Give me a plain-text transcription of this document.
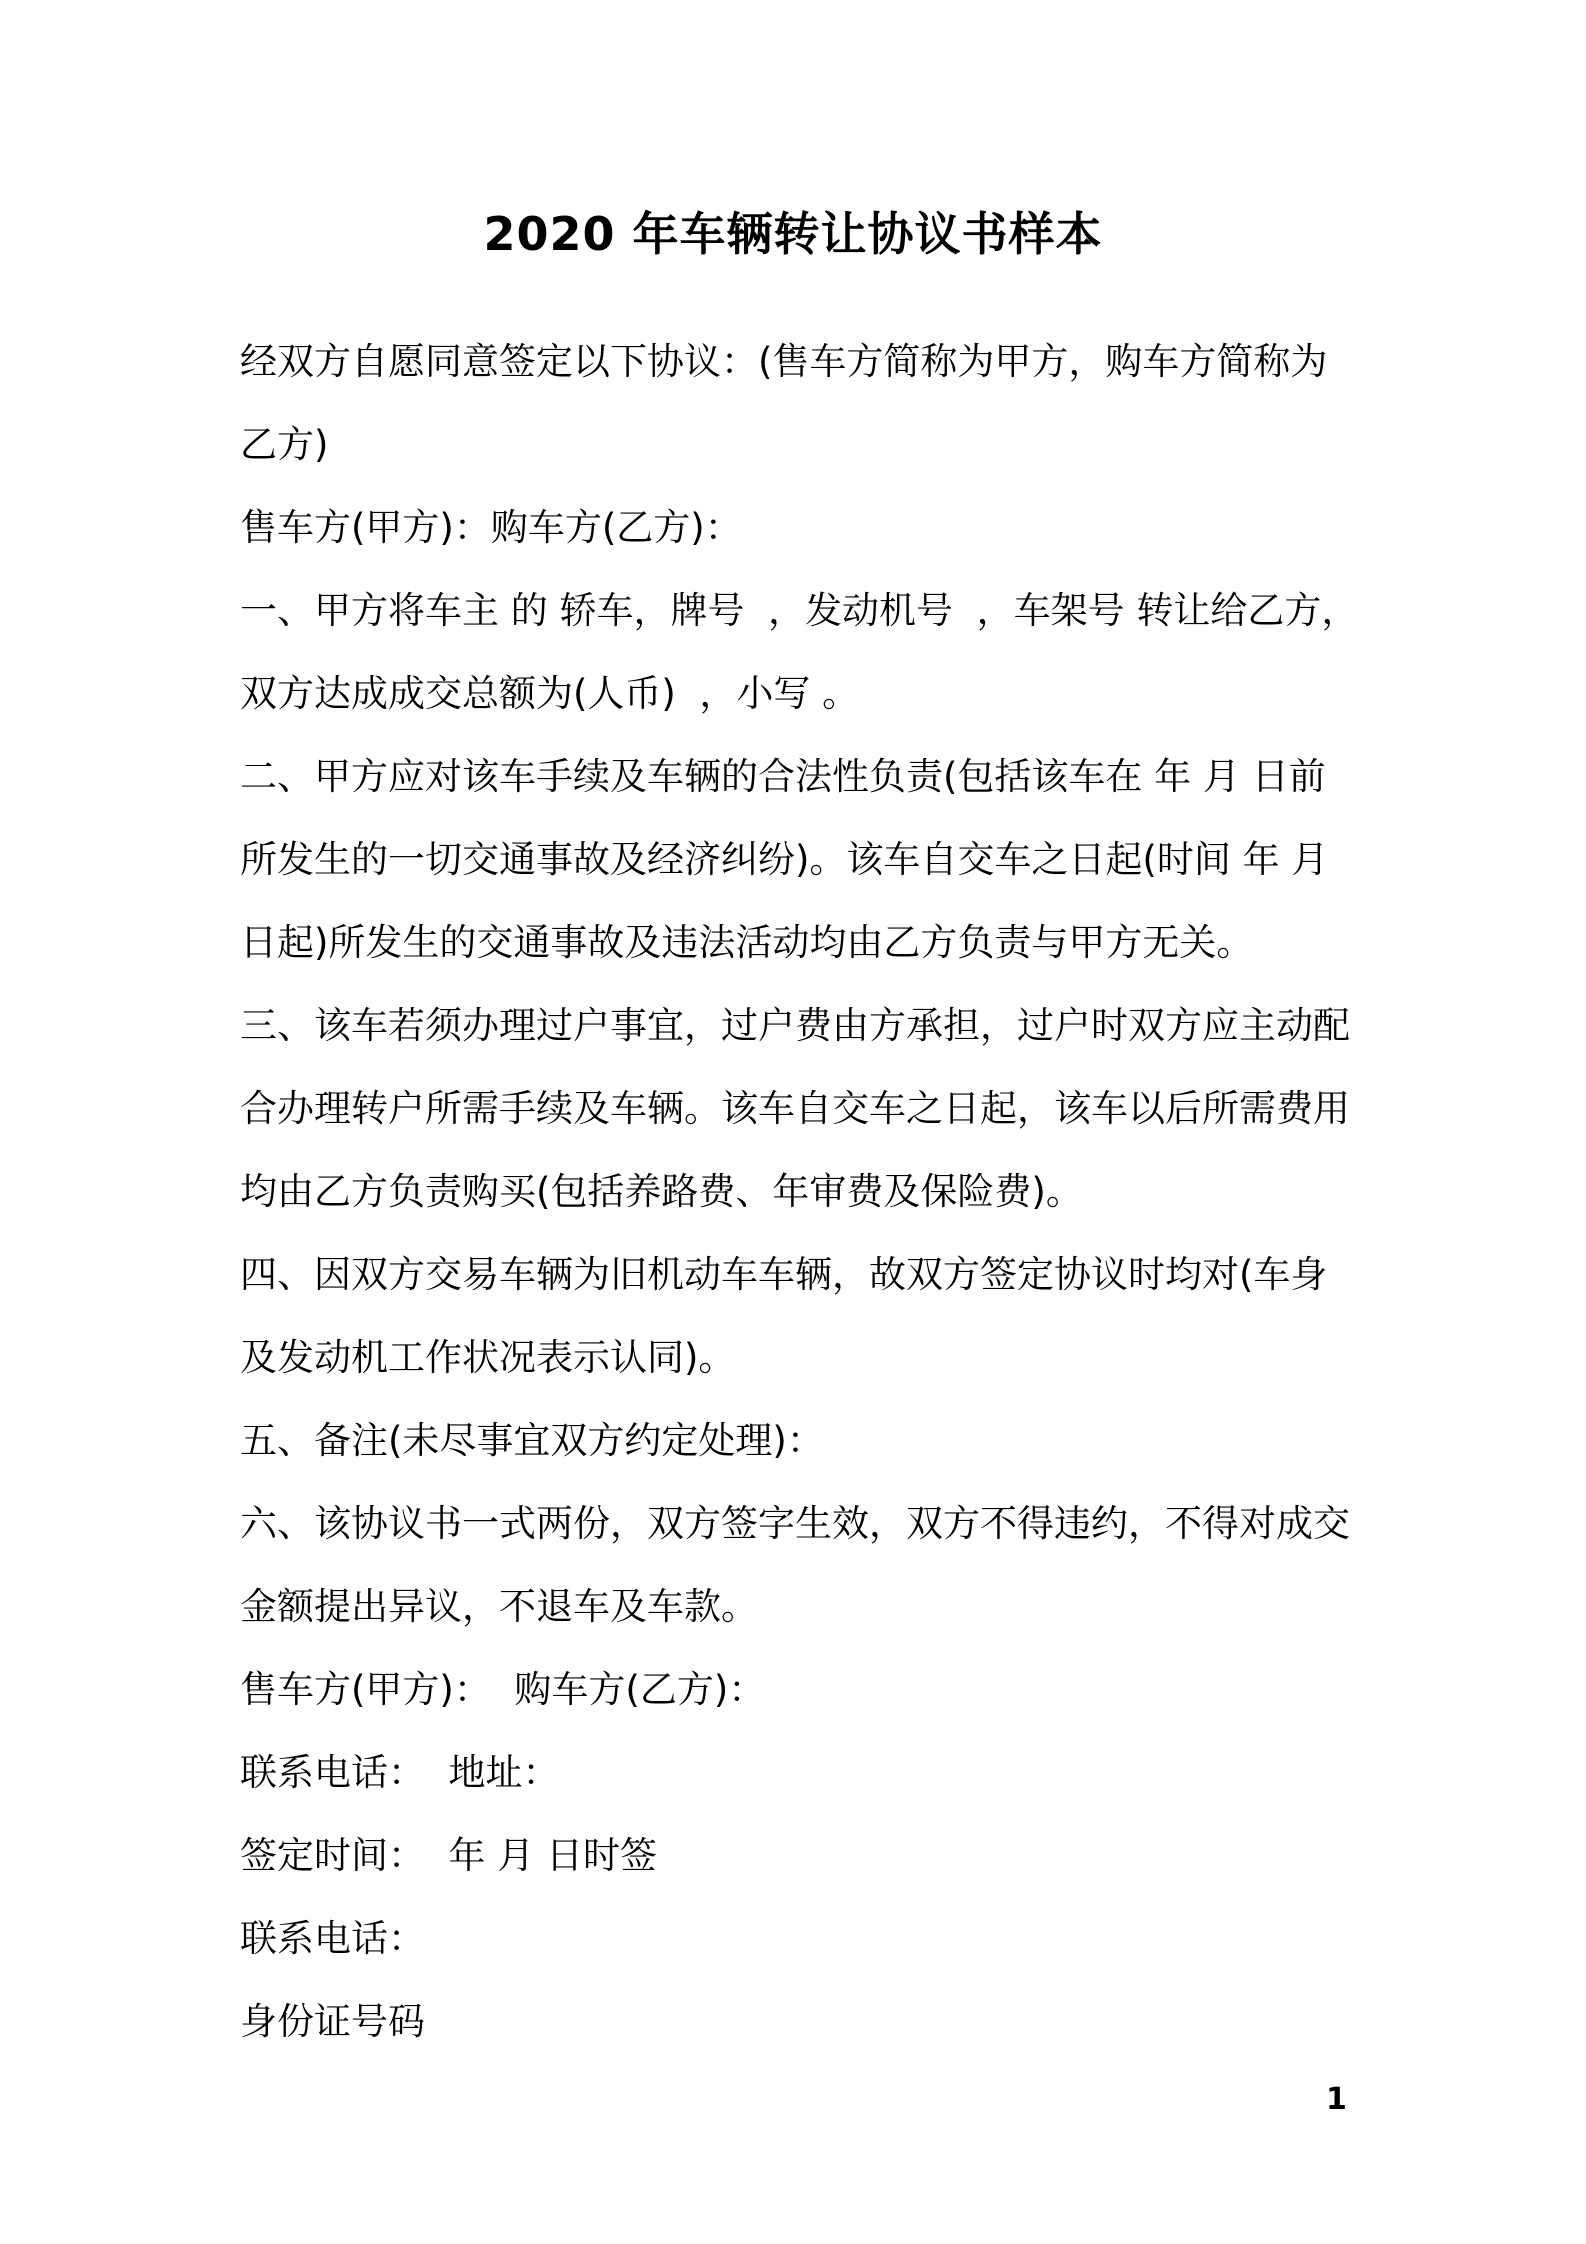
2020 年车辆转让协议书样本
经双方自愿同意签定以下协议：(售车方简称为甲方，购车方简称为
乙方)
售车方(甲方)：购车方(乙方)：
一、甲方将车主 的 轿车，牌号  ，发动机号  ，车架号 转让给乙方，
双方达成成交总额为(人币)  ，小写 。
二、甲方应对该车手续及车辆的合法性负责(包括该车在 年 月 日前
所发生的一切交通事故及经济纠纷)。该车自交车之日起(时间 年 月
日起)所发生的交通事故及违法活动均由乙方负责与甲方无关。
三、该车若须办理过户事宜，过户费由方承担，过户时双方应主动配
合办理转户所需手续及车辆。该车自交车之日起，该车以后所需费用
均由乙方负责购买(包括养路费、年审费及保险费)。
四、因双方交易车辆为旧机动车车辆，故双方签定协议时均对(车身
及发动机工作状况表示认同)。
五、备注(未尽事宜双方约定处理)：
六、该协议书一式两份，双方签字生效，双方不得违约，不得对成交
金额提出异议，不退车及车款。
售车方(甲方)：  购车方(乙方)：
联系电话：  地址：
签定时间：  年 月 日时签
联系电话：
身份证号码
1
